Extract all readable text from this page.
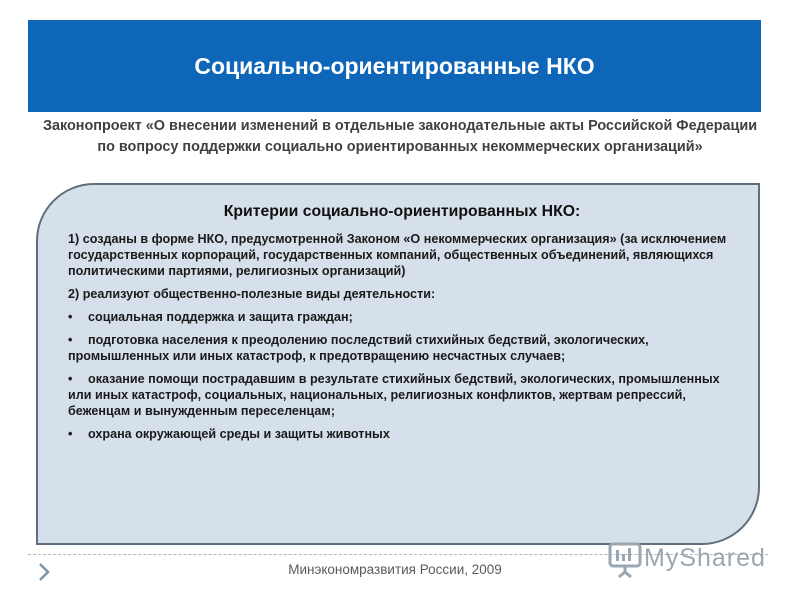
Социально-ориентированные НКО
Законопроект «О внесении изменений в отдельные законодательные акты Российской Федерации по вопросу поддержки социально ориентированных некоммерческих организаций»
Критерии социально-ориентированных НКО:

1) созданы в форме НКО, предусмотренной Законом «О некоммерческих организация» (за исключением государственных корпораций, государственных компаний, общественных объединений, являющихся политическими партиями, религиозных организаций)

2) реализуют общественно-полезные виды деятельности:

• социальная поддержка и защита граждан;

• подготовка населения к преодолению последствий стихийных бедствий, экологических, промышленных или иных катастроф, к предотвращению несчастных случаев;

• оказание помощи пострадавшим в результате стихийных бедствий, экологических, промышленных или иных катастроф, социальных, национальных, религиозных конфликтов, жертвам репрессий, беженцам и вынужденным переселенцам;

• охрана окружающей среды и защиты животных

Минэкономразвития России, 2009	MyShared
